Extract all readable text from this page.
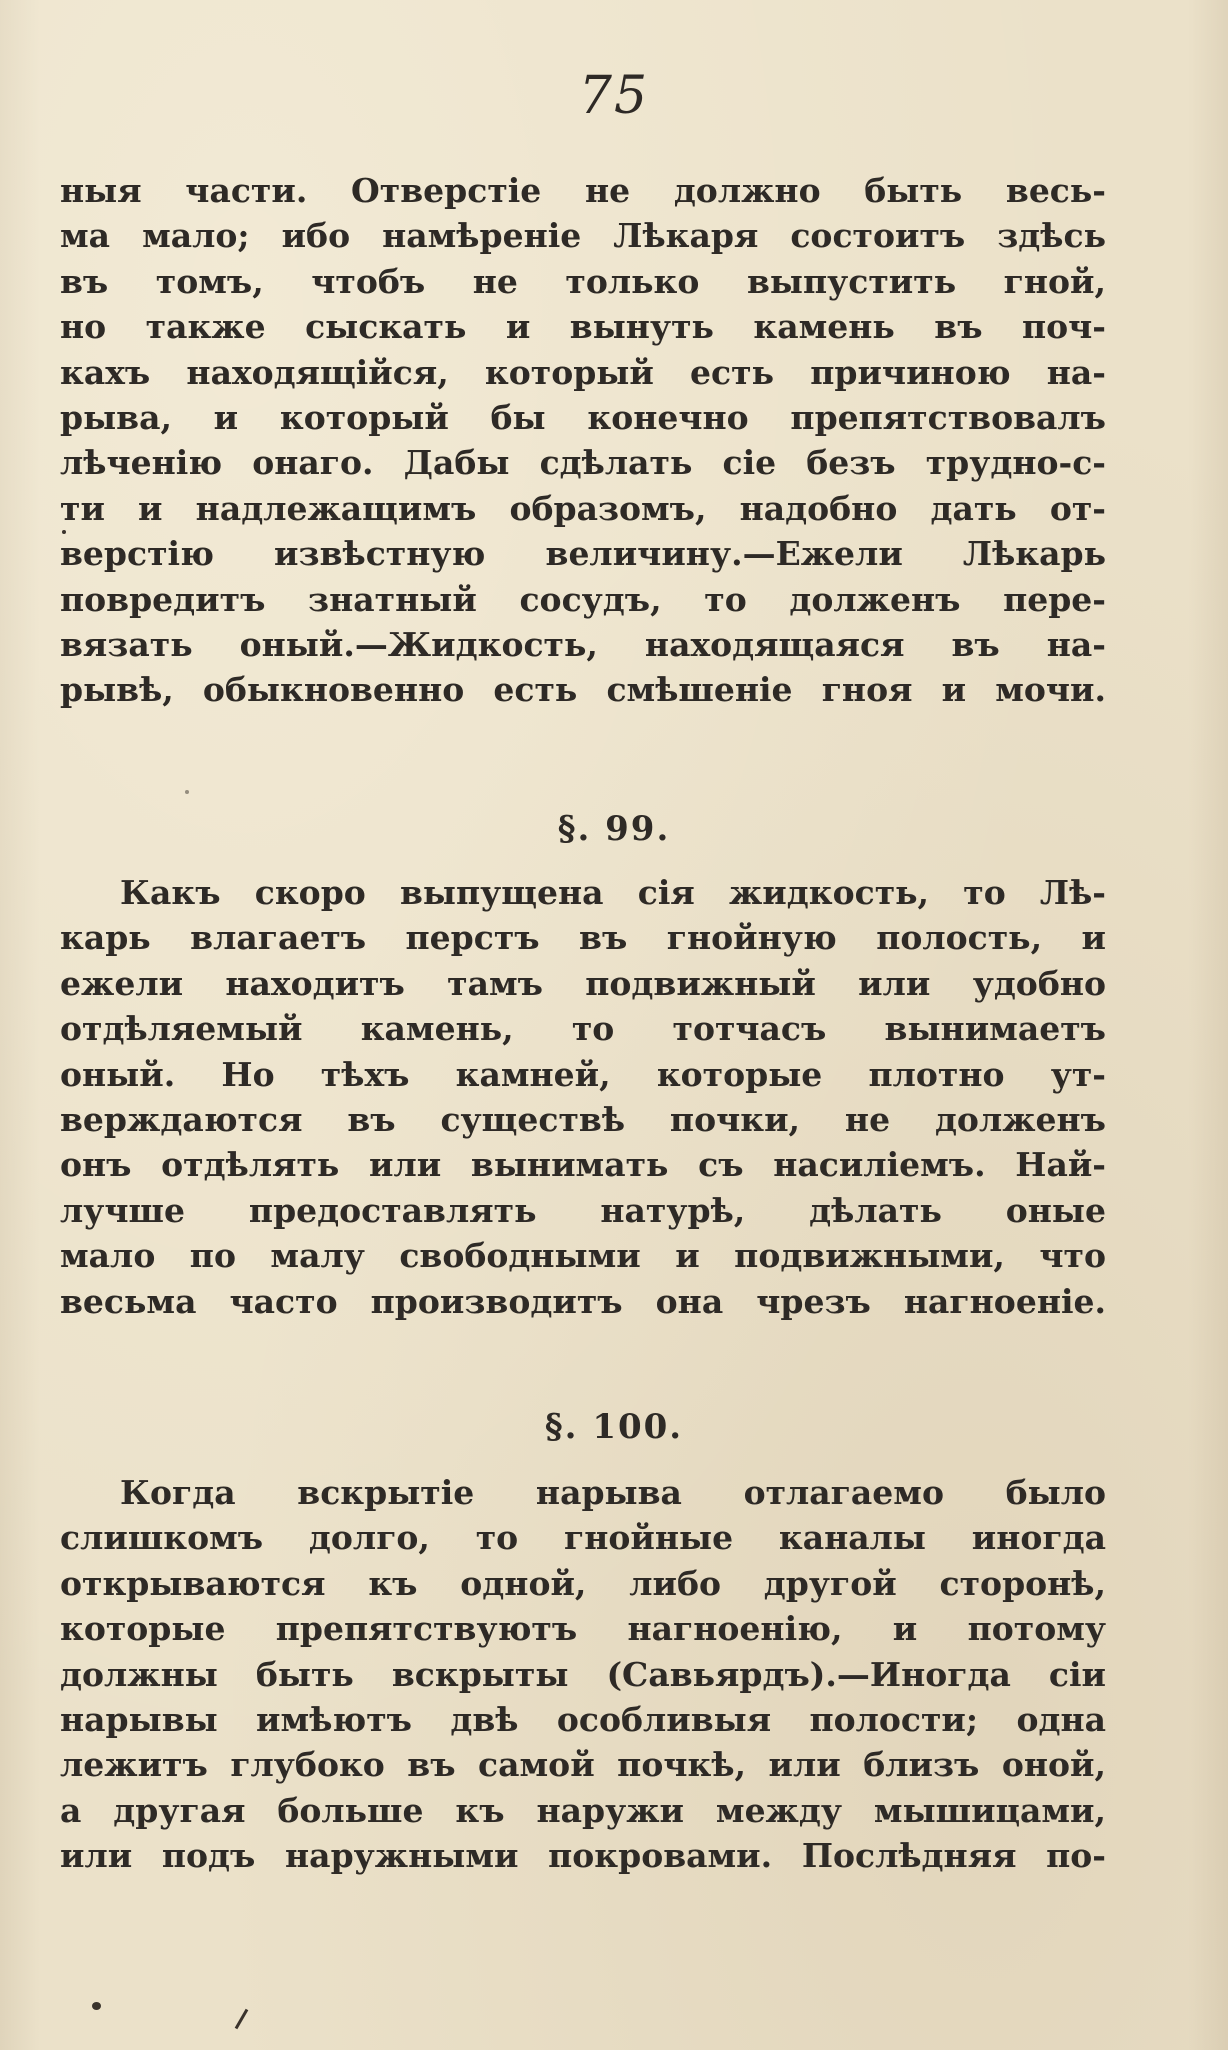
75
ныя части. Отверстіе не должно быть весь-
ма мало; ибо намѣреніе Лѣкаря состоитъ здѣсь
въ томъ, чтобъ не только выпустить гной,
но также сыскать и вынуть камень въ поч-
кахъ находящійся, который есть причиною на-
рыва, и который бы конечно препятствовалъ
лѣченію онаго. Дабы сдѣлать сіе безъ трудно-с-
ти и надлежащимъ образомъ, надобно дать от-
верстію извѣстную величину.—Ежели Лѣкарь
повредитъ знатный сосудъ, то долженъ пере-
вязать оный.—Жидкость, находящаяся въ на-
рывѣ, обыкновенно есть смѣшеніе гноя и мочи.
§. 99.
Какъ скоро выпущена сія жидкость, то Лѣ-
карь влагаетъ перстъ въ гнойную полость, и
ежели находитъ тамъ подвижный или удобно
отдѣляемый камень, то тотчасъ вынимаетъ
оный. Но тѣхъ камней, которые плотно ут-
верждаются въ существѣ почки, не долженъ
онъ отдѣлять или вынимать съ насиліемъ. Най-
лучше предоставлять натурѣ, дѣлать оные
мало по малу свободными и подвижными, что
весьма часто производитъ она чрезъ нагноеніе.
§. 100.
Когда вскрытіе нарыва отлагаемо было
слишкомъ долго, то гнойные каналы иногда
открываются къ одной, либо другой сторонѣ,
которые препятствуютъ нагноенію, и потому
должны быть вскрыты (Савьярдъ).—Иногда сіи
нарывы имѣютъ двѣ особливыя полости; одна
лежитъ глубоко въ самой почкѣ, или близъ оной,
а другая больше къ наружи между мышицами,
или подъ наружными покровами. Послѣдняя по-
